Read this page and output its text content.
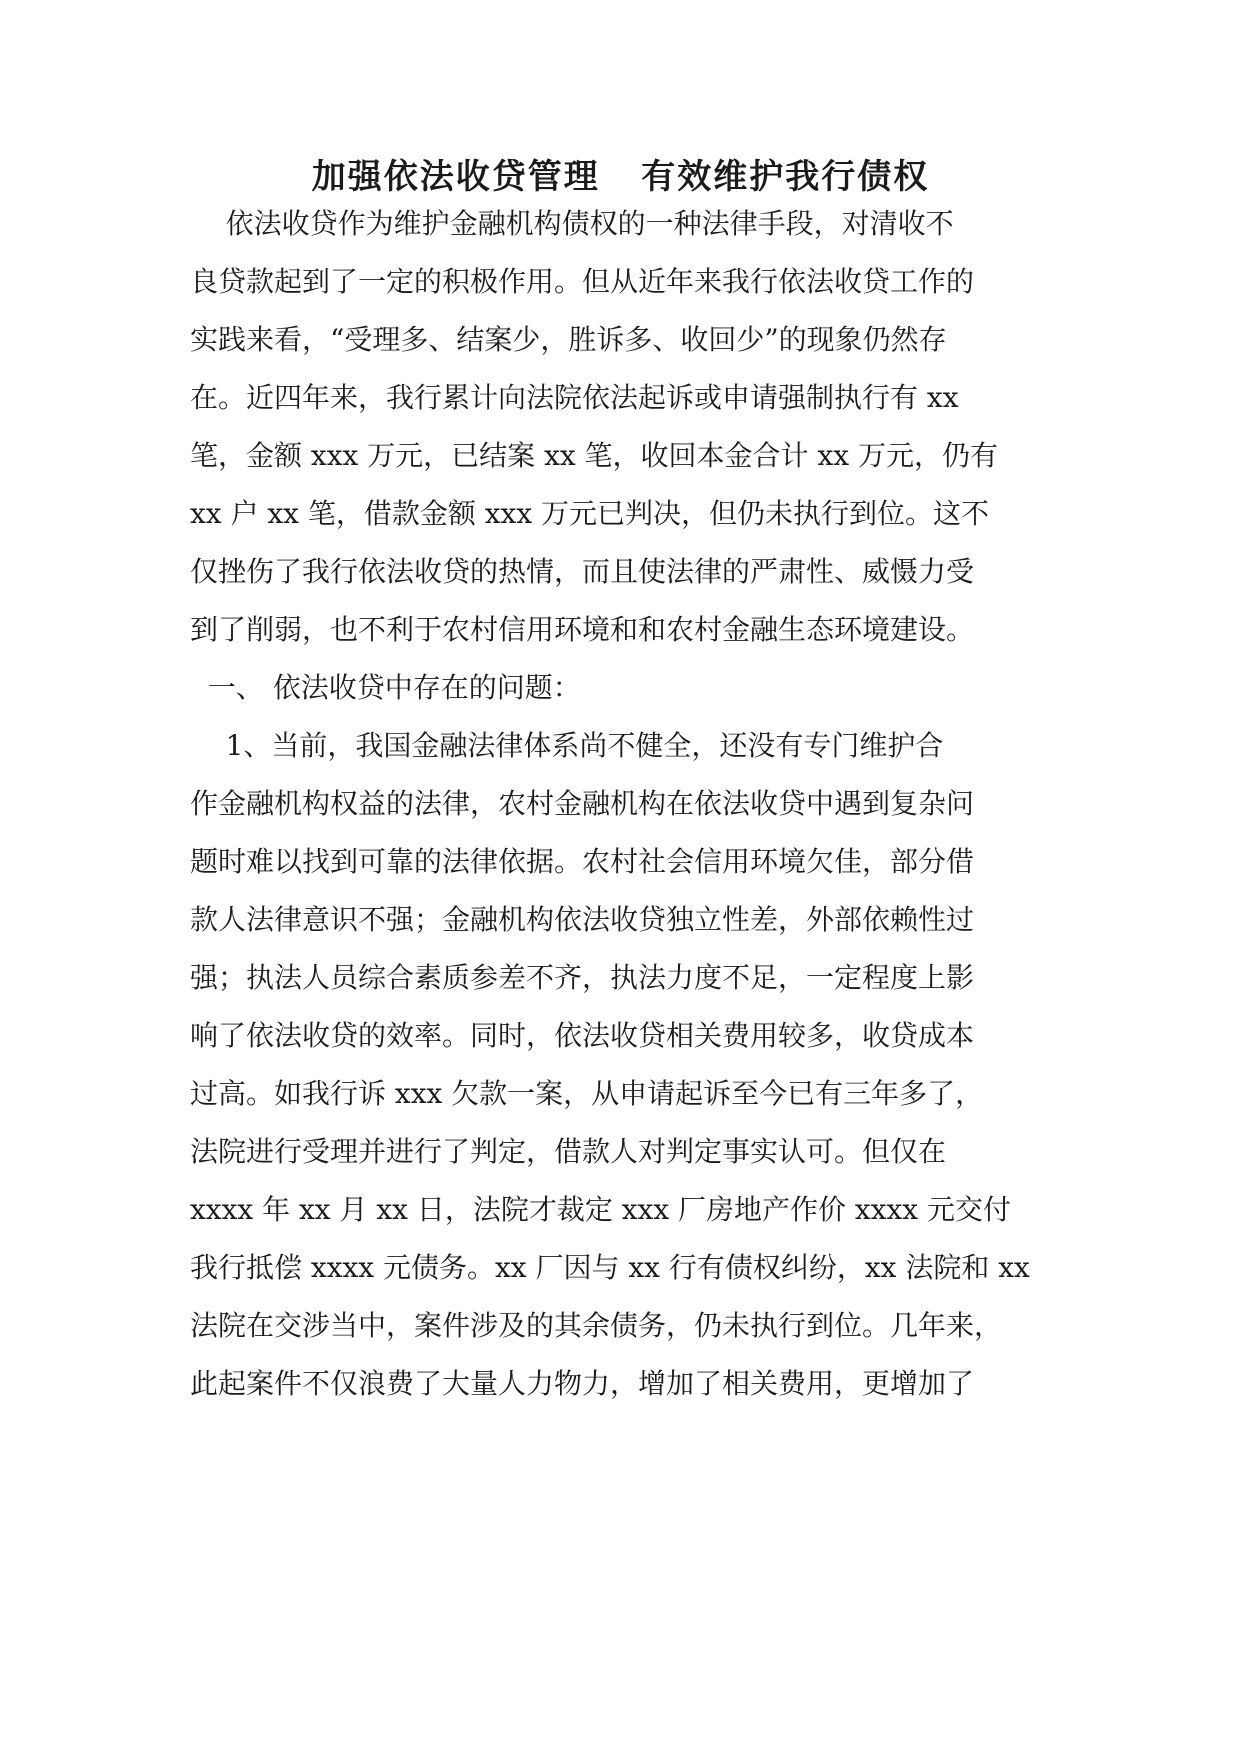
加强依法收贷管理   有效维护我行债权
依法收贷作为维护金融机构债权的一种法律手段，对清收不
良贷款起到了一定的积极作用。但从近年来我行依法收贷工作的
实践来看，“受理多、结案少，胜诉多、收回少”的现象仍然存
在。近四年来，我行累计向法院依法起诉或申请强制执行有 xx
笔，金额 xxx 万元，已结案 xx 笔，收回本金合计 xx 万元，仍有
xx 户 xx 笔，借款金额 xxx 万元已判决，但仍未执行到位。这不
仅挫伤了我行依法收贷的热情，而且使法律的严肃性、威慑力受
到了削弱，也不利于农村信用环境和和农村金融生态环境建设。
一、 依法收贷中存在的问题：
1、当前，我国金融法律体系尚不健全，还没有专门维护合
作金融机构权益的法律，农村金融机构在依法收贷中遇到复杂问
题时难以找到可靠的法律依据。农村社会信用环境欠佳，部分借
款人法律意识不强；金融机构依法收贷独立性差，外部依赖性过
强；执法人员综合素质参差不齐，执法力度不足，一定程度上影
响了依法收贷的效率。同时，依法收贷相关费用较多，收贷成本
过高。如我行诉 xxx 欠款一案，从申请起诉至今已有三年多了，
法院进行受理并进行了判定，借款人对判定事实认可。但仅在
xxxx 年 xx 月 xx 日，法院才裁定 xxx 厂房地产作价 xxxx 元交付
我行抵偿 xxxx 元债务。xx 厂因与 xx 行有债权纠纷，xx 法院和 xx
法院在交涉当中，案件涉及的其余债务，仍未执行到位。几年来，
此起案件不仅浪费了大量人力物力，增加了相关费用，更增加了
